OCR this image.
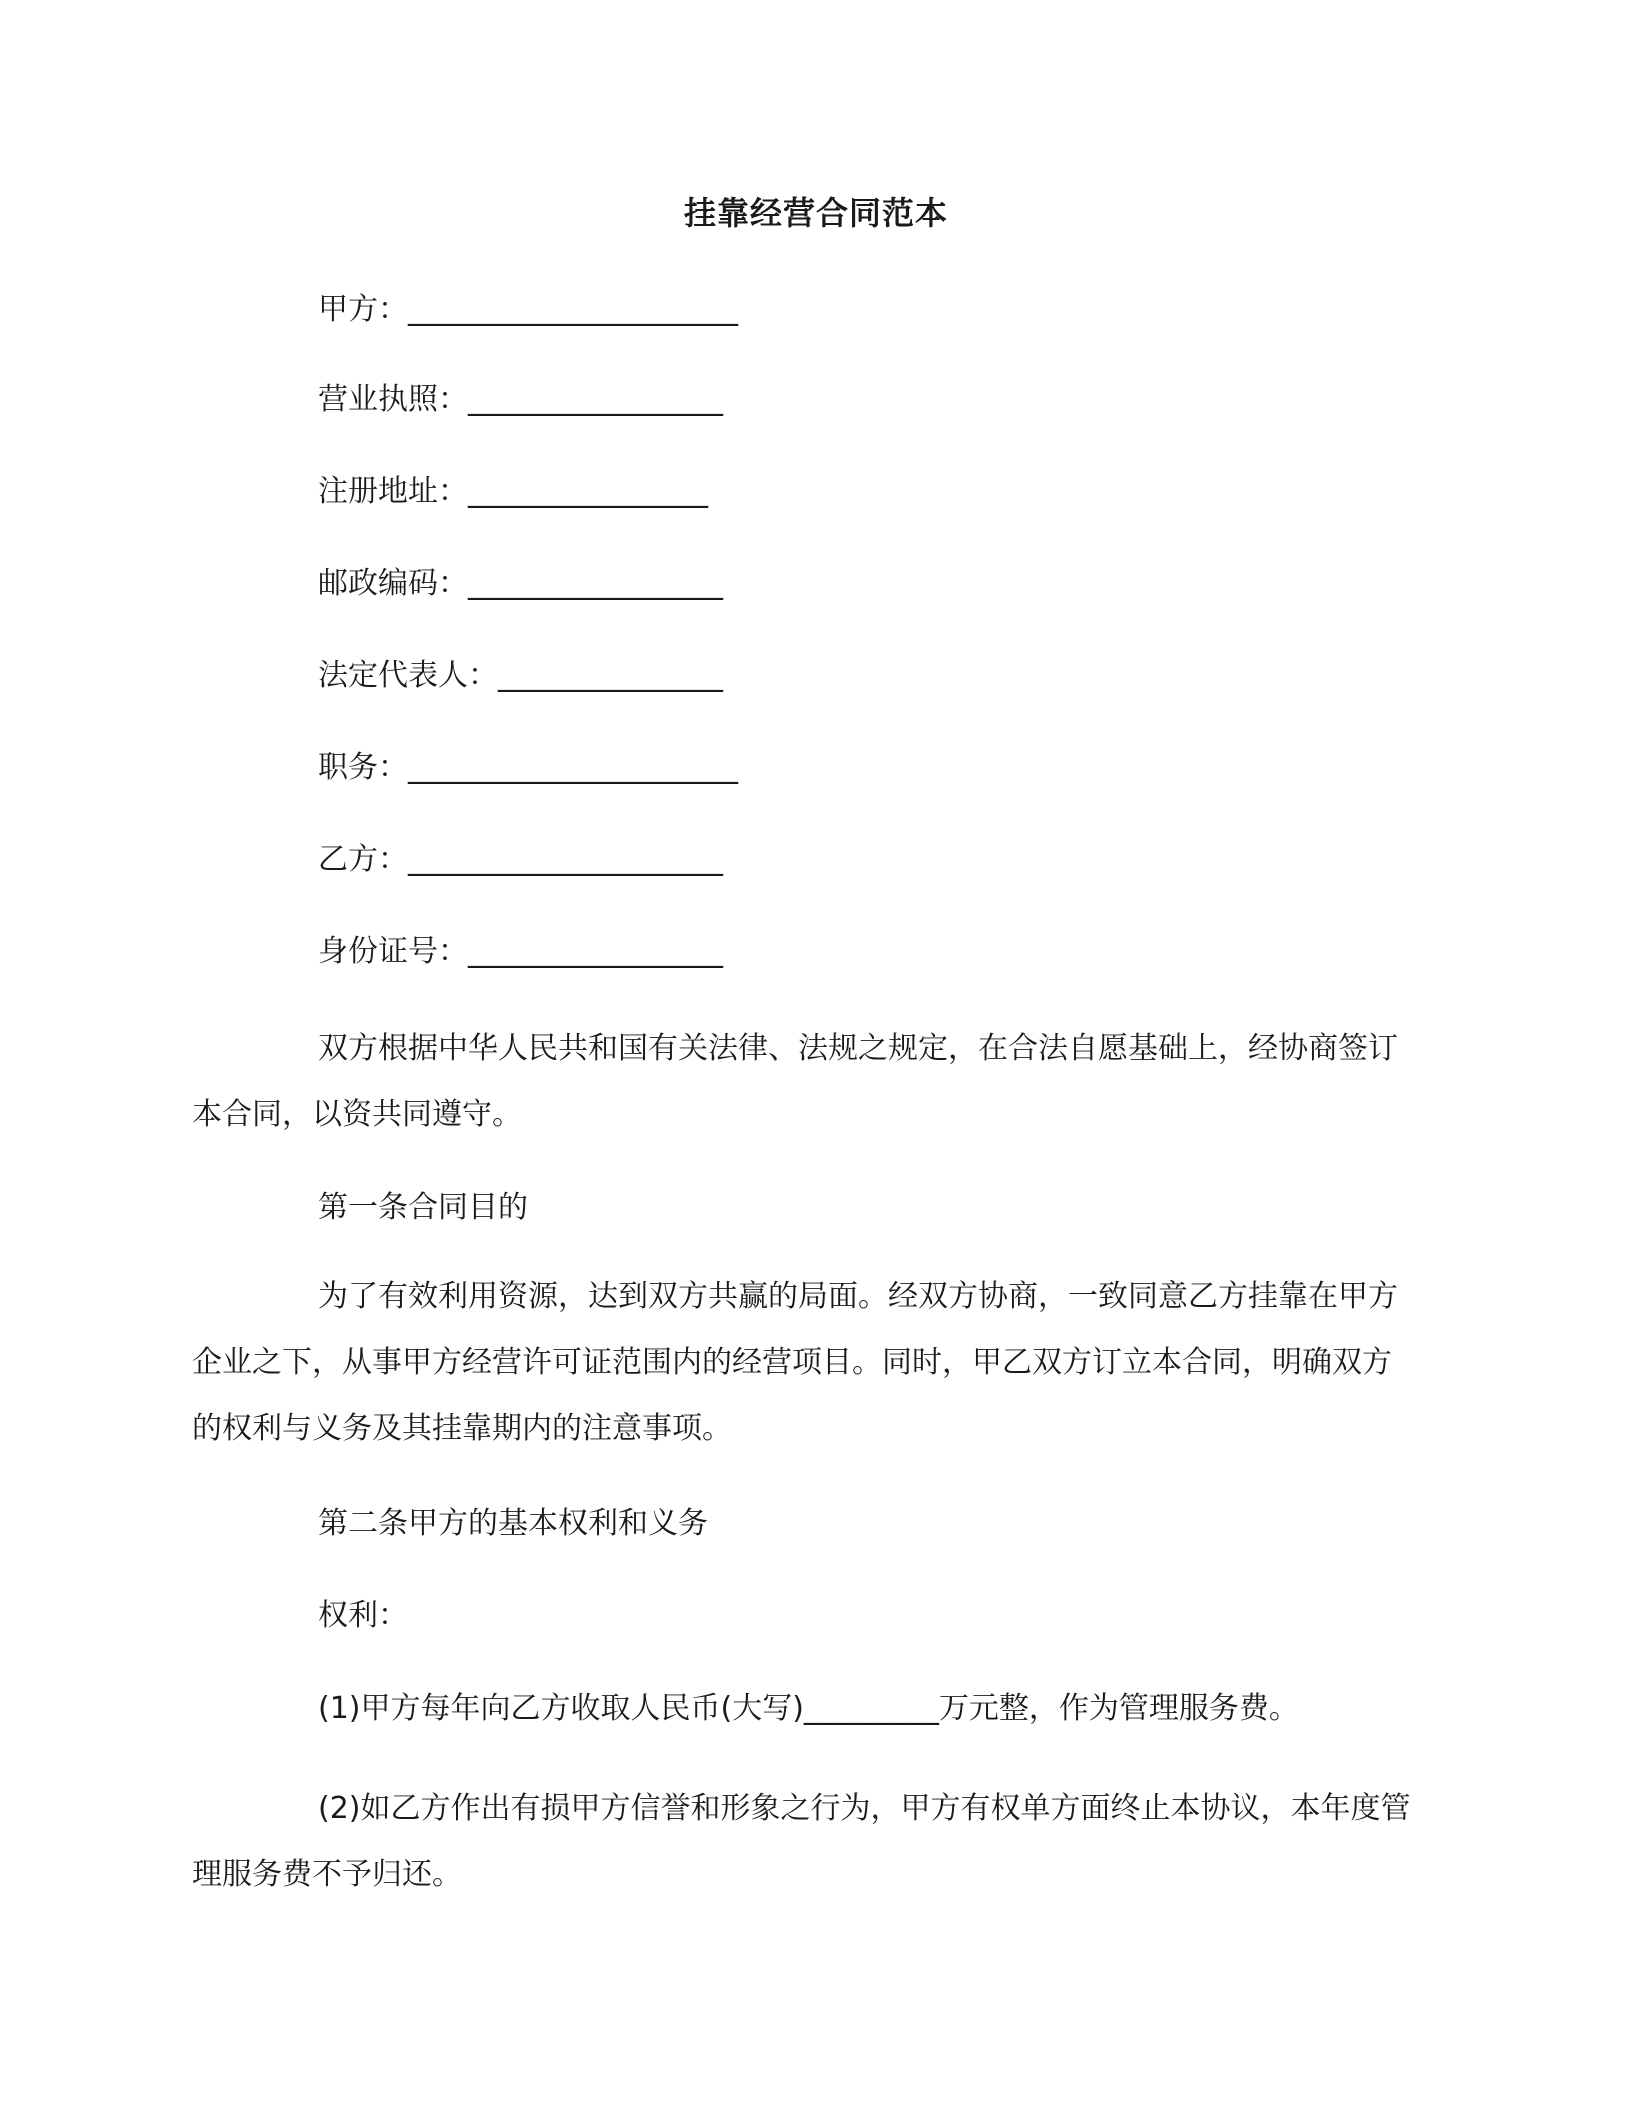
挂靠经营合同范本
甲方：______________________
营业执照：_________________
注册地址：________________
邮政编码：_________________
法定代表人：_______________
职务：______________________
乙方：_____________________
身份证号：_________________
双方根据中华人民共和国有关法律、法规之规定，在合法自愿基础上，经协商签订本合同，以资共同遵守。
第一条合同目的
为了有效利用资源，达到双方共赢的局面。经双方协商，一致同意乙方挂靠在甲方企业之下，从事甲方经营许可证范围内的经营项目。同时，甲乙双方订立本合同，明确双方的权利与义务及其挂靠期内的注意事项。
第二条甲方的基本权利和义务
权利：
(1)甲方每年向乙方收取人民币(大写)_________万元整，作为管理服务费。
(2)如乙方作出有损甲方信誉和形象之行为，甲方有权单方面终止本协议，本年度管理服务费不予归还。
